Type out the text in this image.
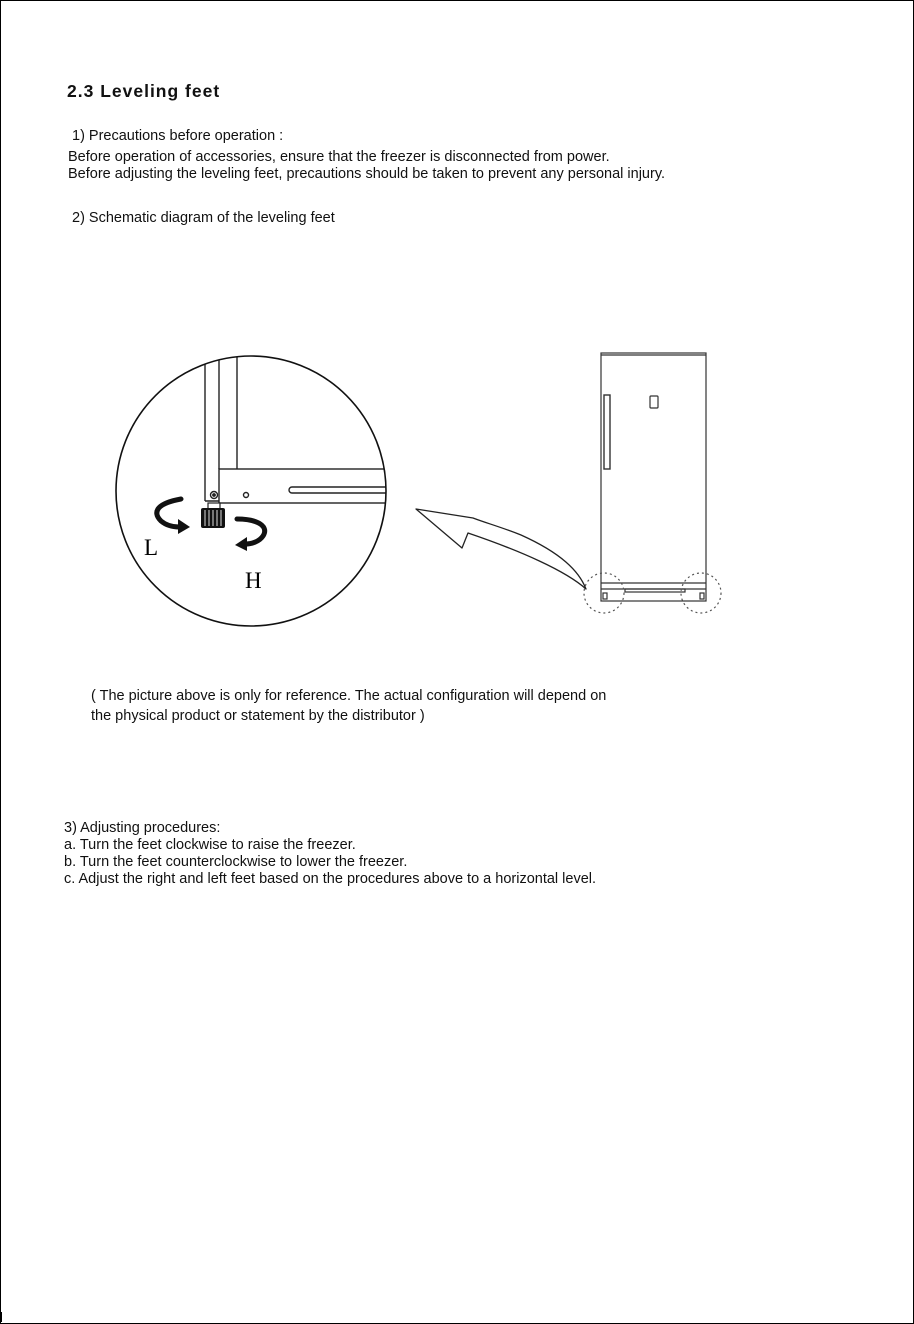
2.3 Leveling feet

1) Precautions before operation :

Before operation of accessories, ensure that the freezer is disconnected from power.

Before adjusting the leveling feet, precautions should be taken to prevent any personal injury.

2) Schematic diagram of the leveling feet

L
H

( The picture above is only for reference. The actual configuration will depend on

the physical product or statement by the distributor )

3) Adjusting procedures:

a. Turn the feet clockwise to raise the freezer.

b. Turn the feet counterclockwise to lower the freezer.

c. Adjust the right and left feet based on the procedures above to a horizontal level.
